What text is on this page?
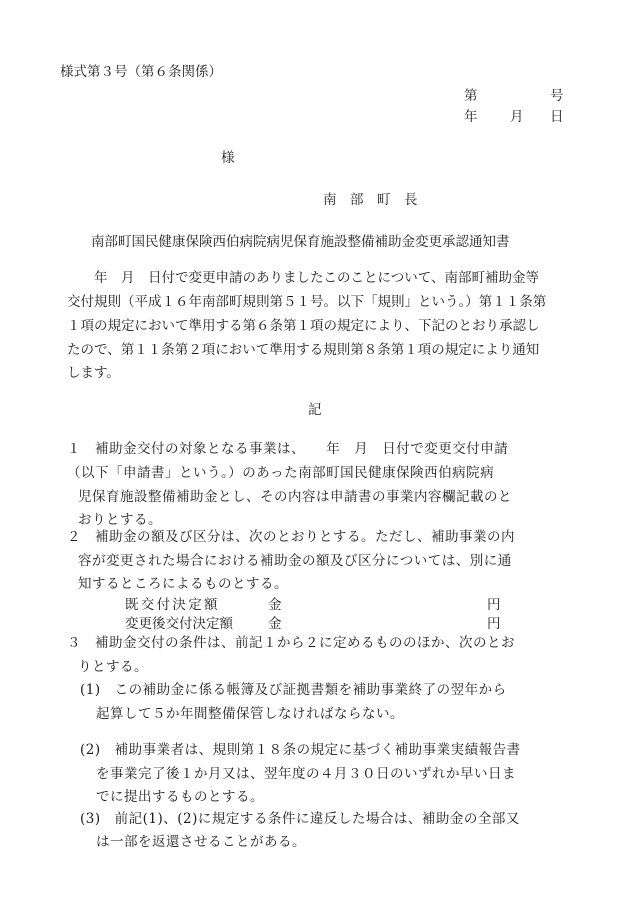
様式第３号（第６条関係）
第	号
年 月 日
様
南　部　町　長
南部町国民健康保険西伯病院病児保育施設整備補助金変更承認通知書
　　年　月　日付で変更申請のありましたこのことについて、南部町補助金等
交付規則（平成１６年南部町規則第５１号。以下「規則」という。）第１１条第
１項の規定において準用する第６条第１項の規定により、下記のとおり承認し
たので、第１１条第２項において準用する規則第８条第１項の規定により通知
します。
記
１　補助金交付の対象となる事業は、　　年　月　日付で変更交付申請
（以下「申請書」という。）のあった南部町国民健康保険西伯病院病
児保育施設整備補助金とし、その内容は申請書の事業内容欄記載のと
おりとする。
２　補助金の額及び区分は、次のとおりとする。ただし、補助事業の内
容が変更された場合における補助金の額及び区分については、別に通
知するところによるものとする。
既交付決定額	金	円
変更後交付決定額	金	円
３　補助金交付の条件は、前記１から２に定めるもののほか、次のとお
りとする。
(1)　この補助金に係る帳簿及び証拠書類を補助事業終了の翌年から
起算して５か年間整備保管しなければならない。
(2)　補助事業者は、規則第１８条の規定に基づく補助事業実績報告書
を事業完了後１か月又は、翌年度の４月３０日のいずれか早い日ま
でに提出するものとする。
(3)　前記(1)、(2)に規定する条件に違反した場合は、補助金の全部又
は一部を返還させることがある。
